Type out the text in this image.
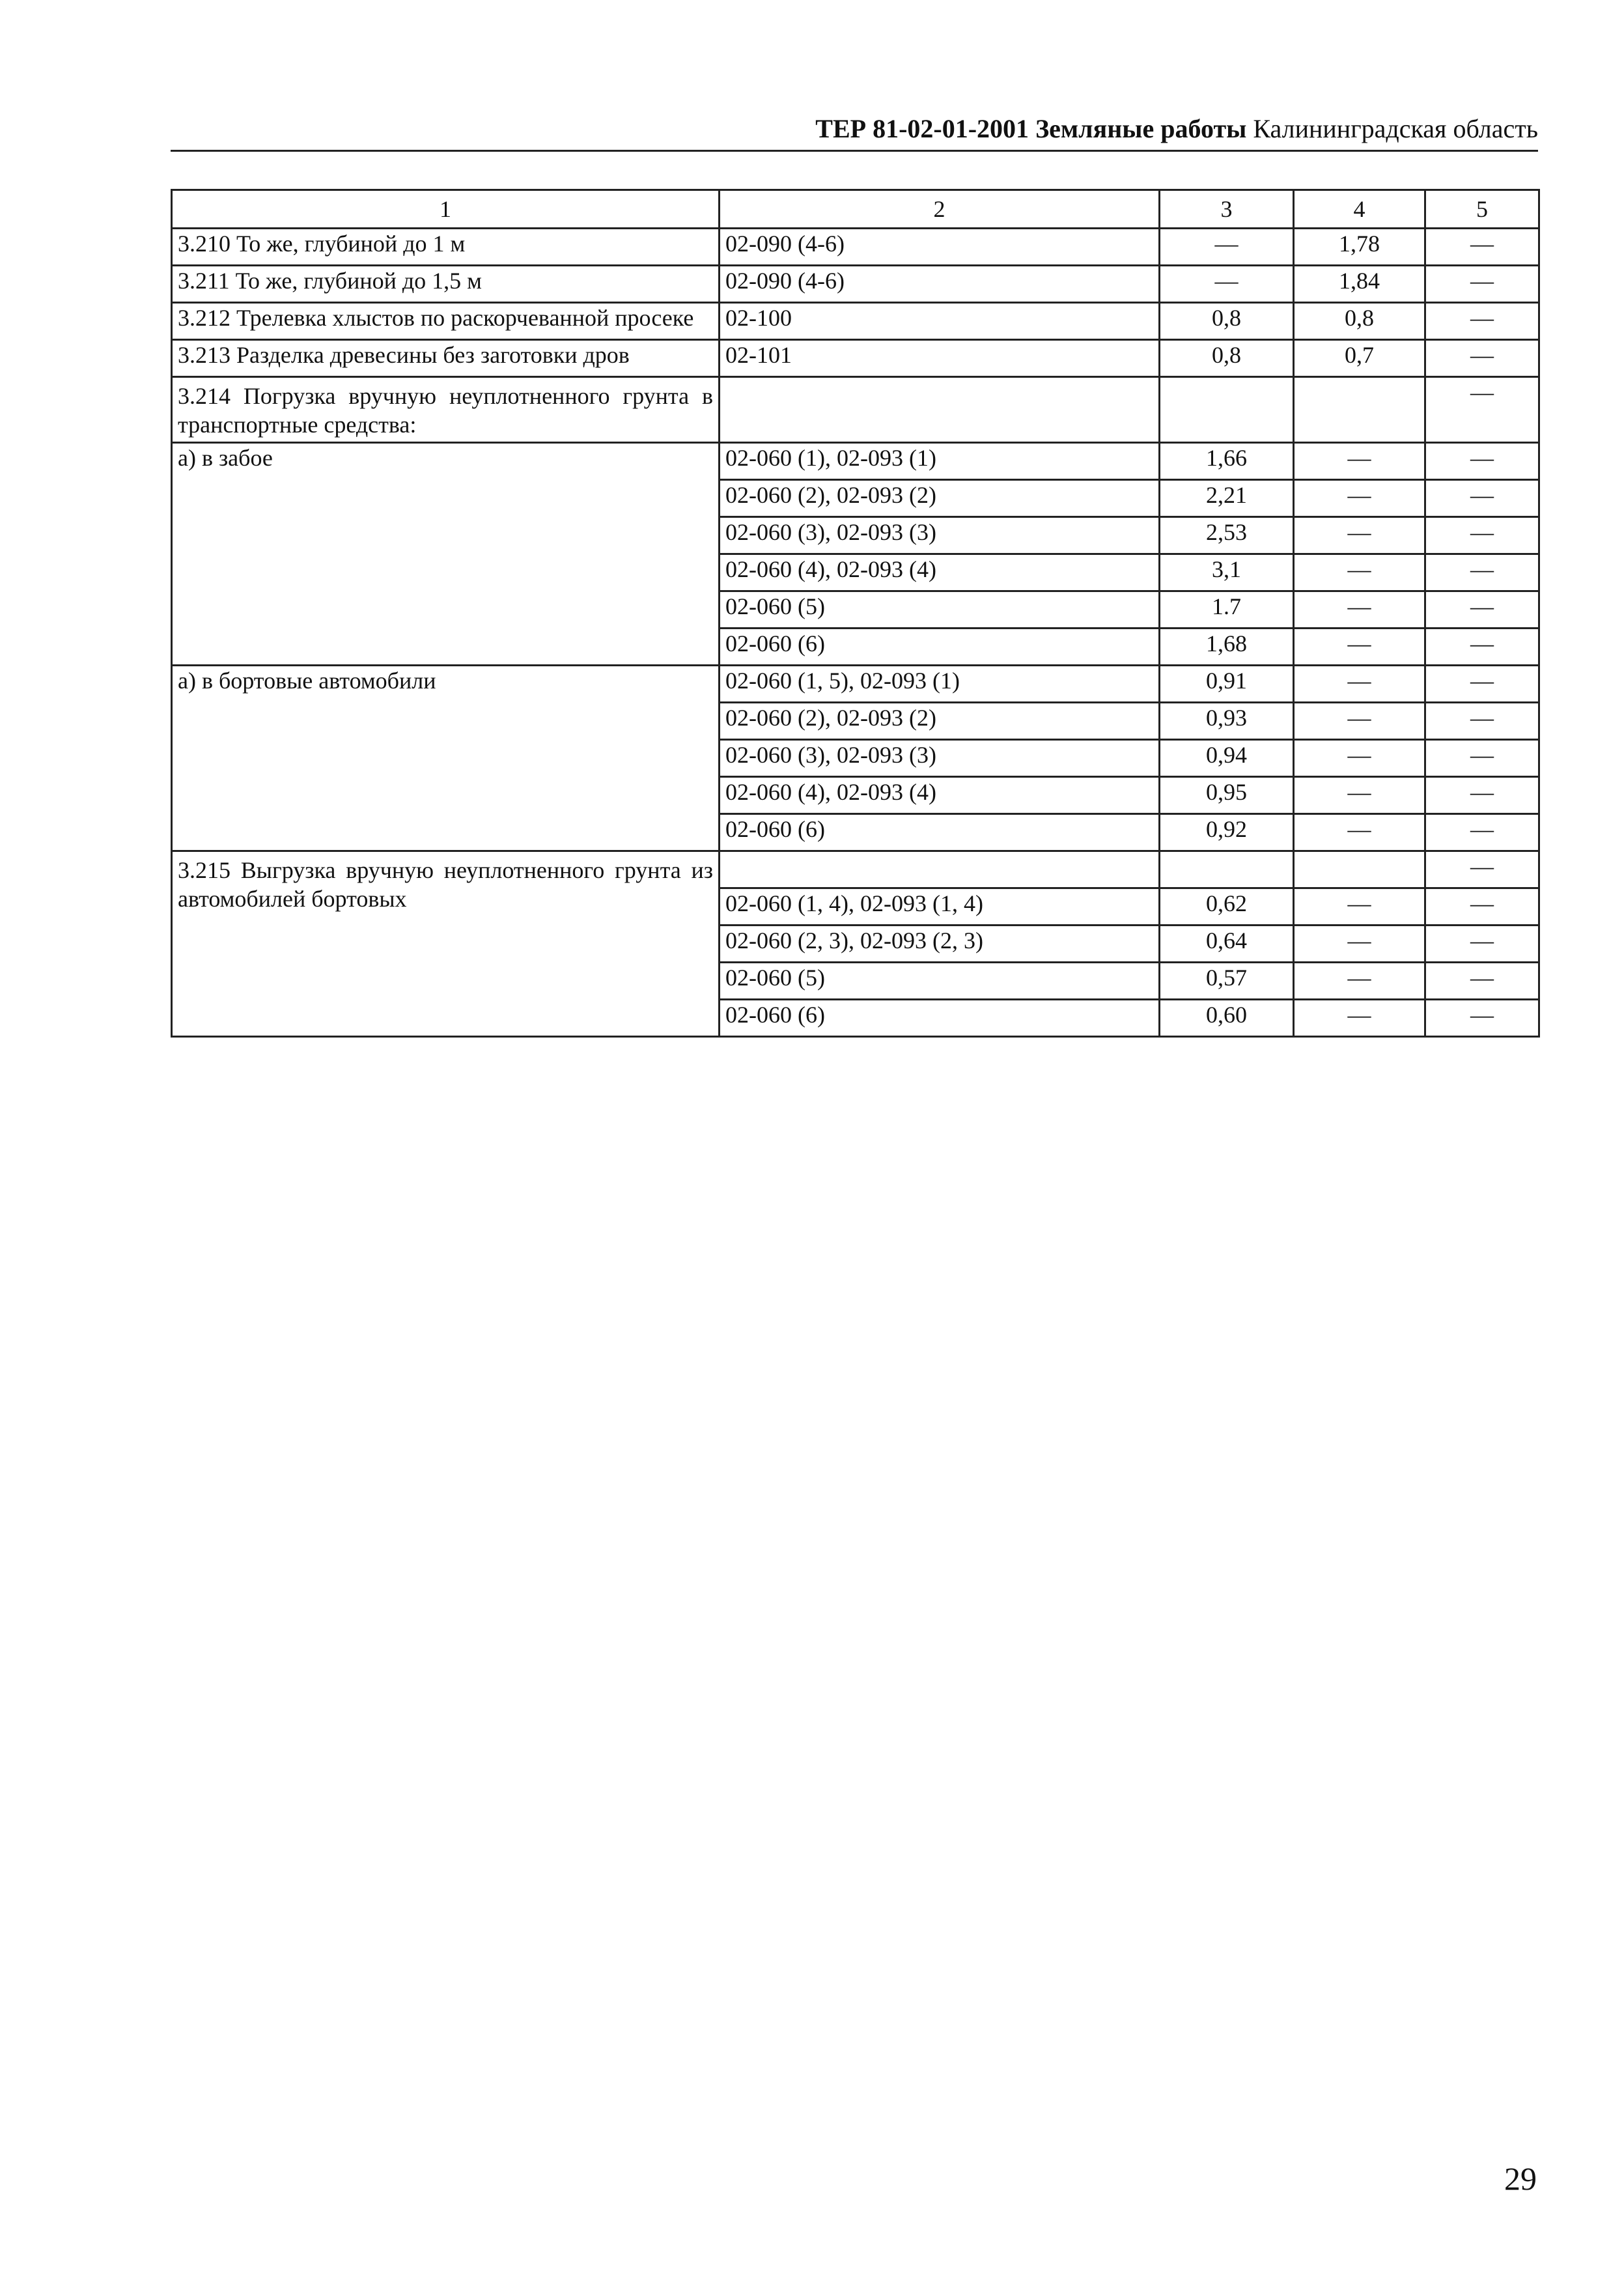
ТЕР 81-02-01-2001 Земляные работы Калининградская область
1	2	3	4	5
3.210 То же, глубиной до 1 м	02-090 (4-6)	—	1,78	—
3.211 То же, глубиной до 1,5 м	02-090 (4-6)	—	1,84	—
3.212 Трелевка хлыстов по раскорчеванной просеке	02-100	0,8	0,8	—
3.213 Разделка древесины без заготовки дров	02-101	0,8	0,7	—
3.214 Погрузка вручную неуплотненного грунта в транспортные средства:				—
а) в забое	02-060 (1), 02-093 (1)	1,66	—	—
	02-060 (2), 02-093 (2)	2,21	—	—
	02-060 (3), 02-093 (3)	2,53	—	—
	02-060 (4), 02-093 (4)	3,1	—	—
	02-060 (5)	1.7	—	—
	02-060 (6)	1,68	—	—
а) в бортовые автомобили	02-060 (1, 5), 02-093 (1)	0,91	—	—
	02-060 (2), 02-093 (2)	0,93	—	—
	02-060 (3), 02-093 (3)	0,94	—	—
	02-060 (4), 02-093 (4)	0,95	—	—
	02-060 (6)	0,92	—	—
3.215 Выгрузка вручную неуплотненного грунта из автомобилей бортовых				—
	02-060 (1, 4), 02-093 (1, 4)	0,62	—	—
	02-060 (2, 3), 02-093 (2, 3)	0,64	—	—
	02-060 (5)	0,57	—	—
	02-060 (6)	0,60	—	—
29
